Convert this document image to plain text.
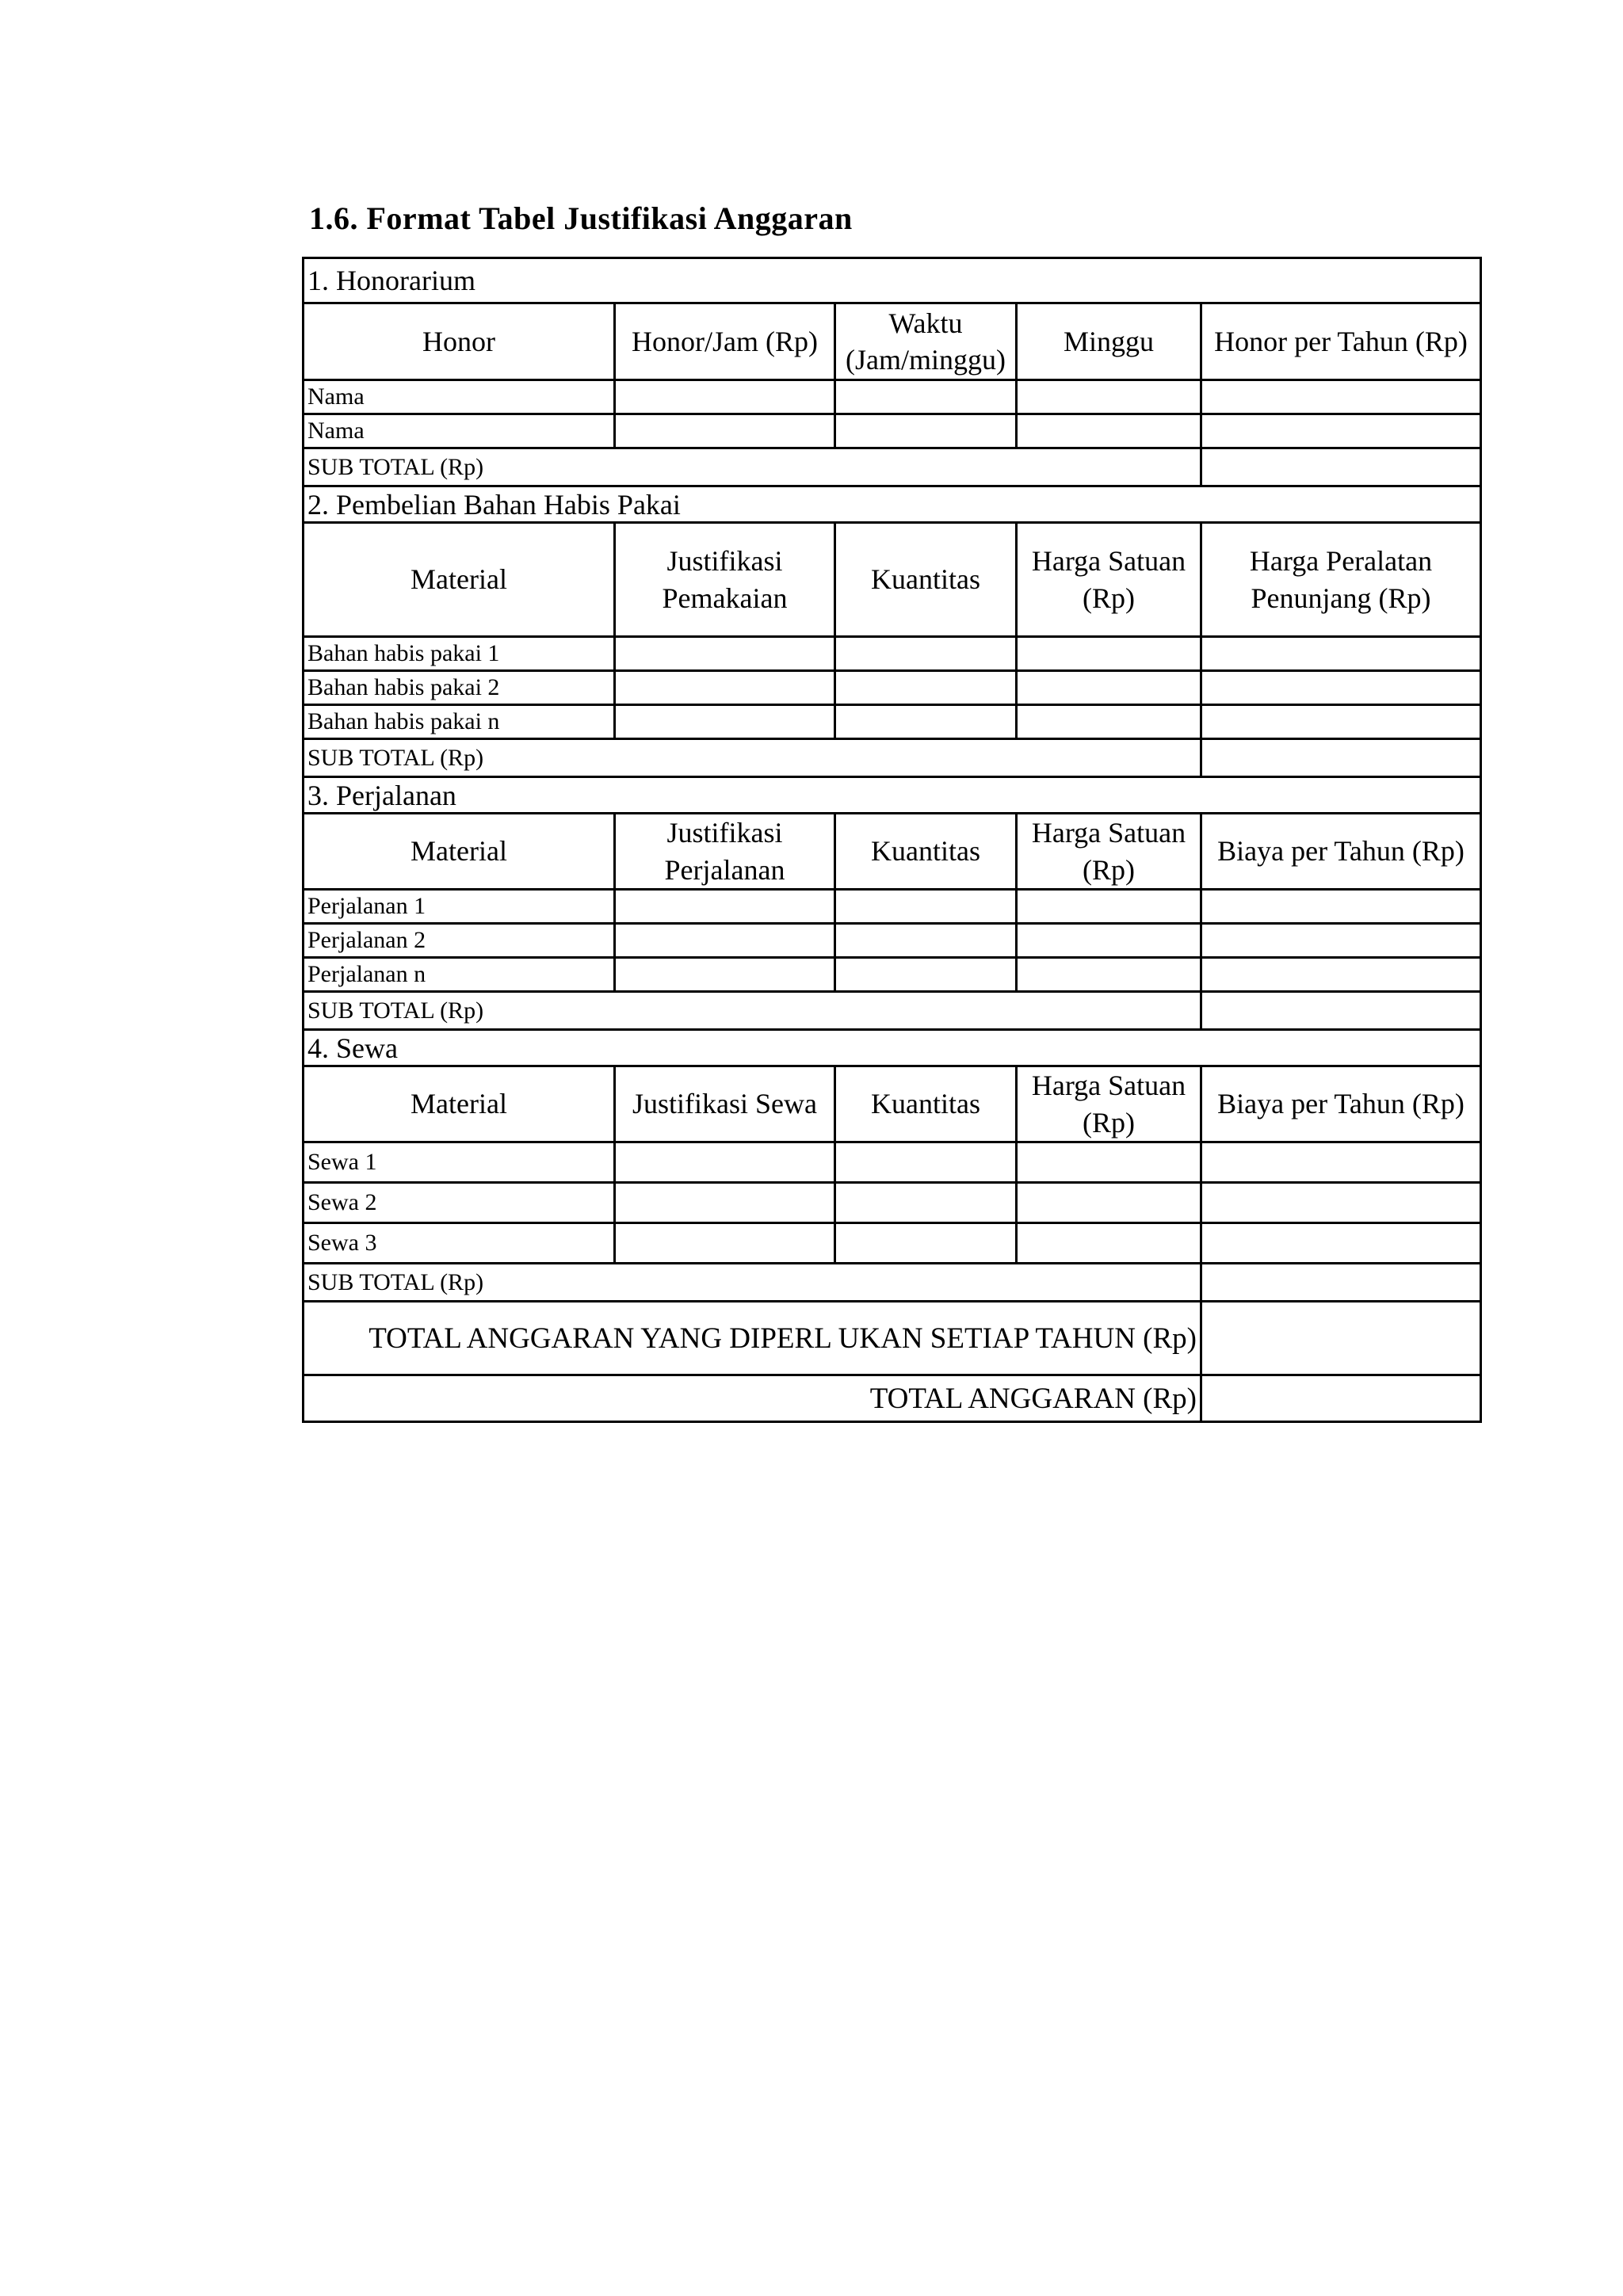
1.6. Format Tabel Justifikasi Anggaran
1. Honorarium				
Honor	Honor/Jam (Rp)	Waktu (Jam/minggu)	Minggu	Honor per Tahun (Rp)
Nama				
Nama				
SUB TOTAL (Rp)				
2. Pembelian Bahan Habis Pakai				
Material	Justifikasi Pemakaian	Kuantitas	Harga Satuan (Rp)	Harga Peralatan Penunjang (Rp)
Bahan habis pakai 1				
Bahan habis pakai 2				
Bahan habis pakai n				
SUB TOTAL (Rp)				
3. Perjalanan				
Material	Justifikasi Perjalanan	Kuantitas	Harga Satuan (Rp)	Biaya per Tahun (Rp)
Perjalanan 1				
Perjalanan 2				
Perjalanan n				
SUB TOTAL (Rp)				
4. Sewa				
Material	Justifikasi Sewa	Kuantitas	Harga Satuan (Rp)	Biaya per Tahun (Rp)
Sewa 1				
Sewa 2				
Sewa 3				
SUB TOTAL (Rp)				
TOTAL ANGGARAN YANG DIPERL UKAN SETIAP TAHUN (Rp)				
TOTAL ANGGARAN (Rp)				
